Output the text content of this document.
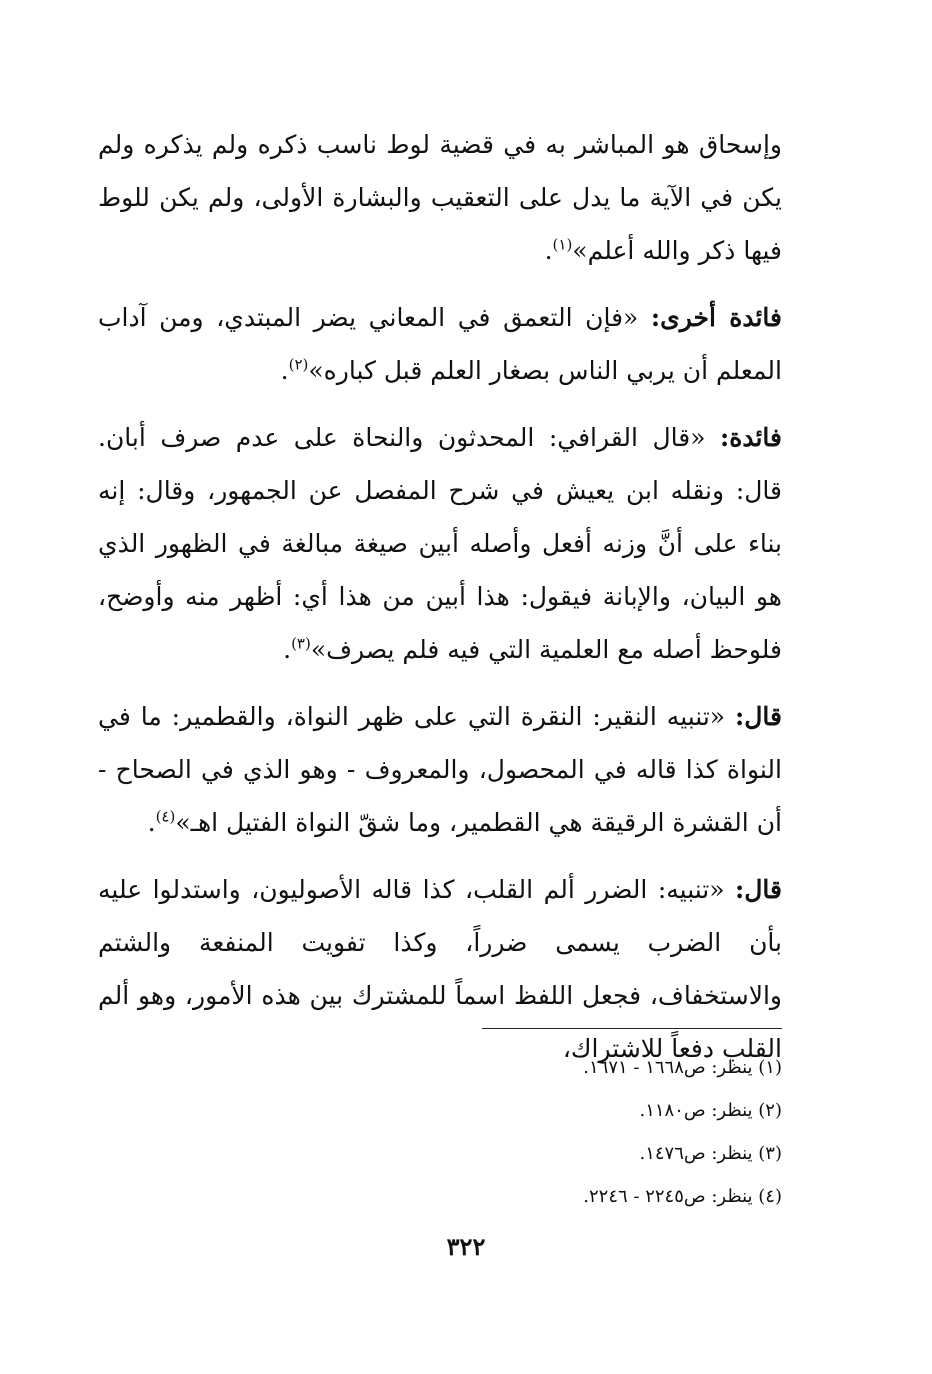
وإسحاق هو المباشر به في قضية لوط ناسب ذكره ولم يذكره ولم يكن في الآية ما يدل على التعقيب والبشارة الأولى، ولم يكن للوط فيها ذكر والله أعلم»$^{(١)}$.

فائدة أخرى: «فإن التعمق في المعاني يضر المبتدي، ومن آداب المعلم أن يربي الناس بصغار العلم قبل كباره»$^{(٢)}$.

فائدة: «قال القرافي: المحدثون والنحاة على عدم صرف أبان. قال: ونقله ابن يعيش في شرح المفصل عن الجمهور، وقال: إنه بناء على أنَّ وزنه أفعل وأصله أبين صيغة مبالغة في الظهور الذي هو البيان، والإبانة فيقول: هذا أبين من هذا أي: أظهر منه وأوضح، فلوحظ أصله مع العلمية التي فيه فلم يصرف»$^{(٣)}$.

قال: «تنبيه النقير: النقرة التي على ظهر النواة، والقطمير: ما في النواة كذا قاله في المحصول، والمعروف - وهو الذي في الصحاح - أن القشرة الرقيقة هي القطمير، وما شقّ النواة الفتيل اهـ»$^{(٤)}$.

قال: «تنبيه: الضرر ألم القلب، كذا قاله الأصوليون، واستدلوا عليه بأن الضرب يسمى ضرراً، وكذا تفويت المنفعة والشتم والاستخفاف، فجعل اللفظ اسماً للمشترك بين هذه الأمور، وهو ألم القلب دفعاً للاشتراك،

(١) ينظر: ص١٦٦٨ - ١٦٧١.
(٢) ينظر: ص١١٨٠.
(٣) ينظر: ص١٤٧٦.
(٤) ينظر: ص٢٢٤٥ - ٢٢٤٦.
٣٢٢
